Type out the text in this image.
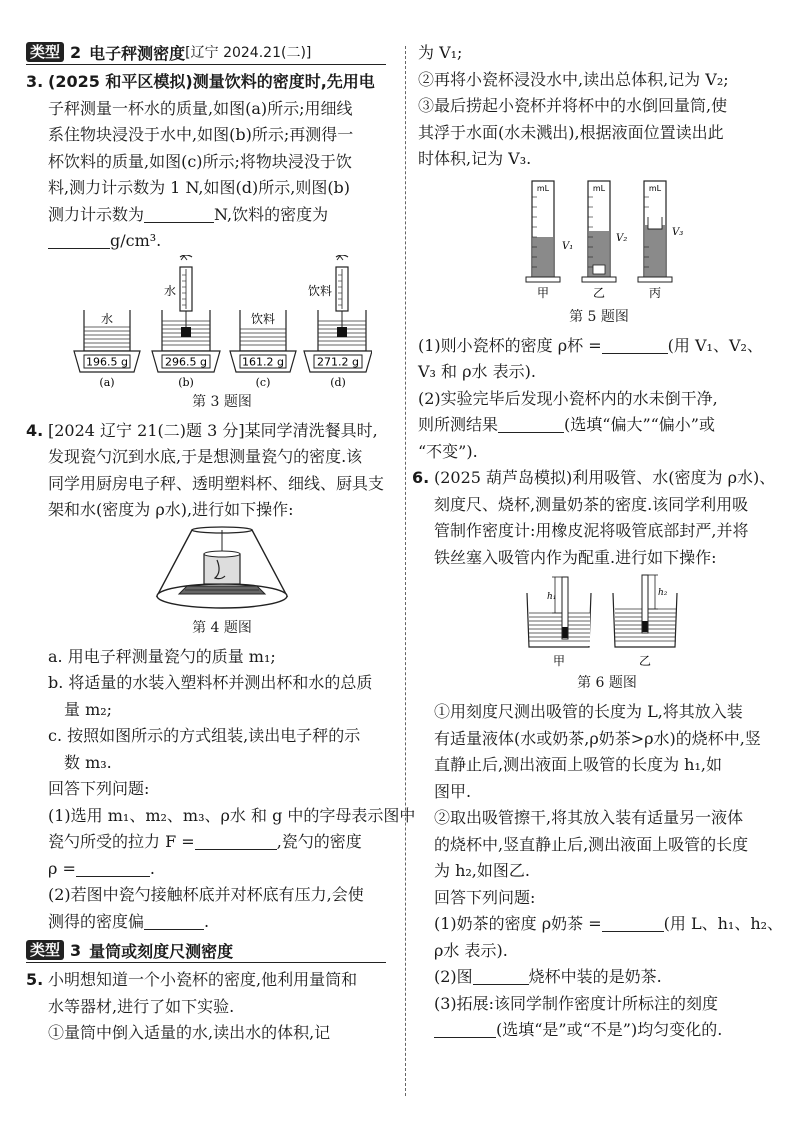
类型 2 电子秤测密度 [辽宁 2024.21(二)]

3. (2025 和平区模拟)测量饮料的密度时,先用电

子秤测量一杯水的质量,如图(a)所示;用细线

系住物块浸没于水中,如图(b)所示;再测得一

杯饮料的质量,如图(c)所示;将物块浸没于饮

料,测力计示数为 1 N,如图(d)所示,则图(b)

测力计示数为	N,饮料的密度为

g/cm³.

196.5 g
水
(a)
水
296.5 g
(b)
161.2 g
饮料
(c)
饮料
271.2 g
(d)

第 3 题图

4. [2024 辽宁 21(二)题 3 分]某同学清洗餐具时,

发现瓷勺沉到水底,于是想测量瓷勺的密度.该

同学用厨房电子秤、透明塑料杯、细线、厨具支

架和水(密度为 ρ水),进行如下操作:

第 4 题图

a. 用电子秤测量瓷勺的质量 m₁;

b. 将适量的水装入塑料杯并测出杯和水的总质

量 m₂;

c. 按照如图所示的方式组装,读出电子秤的示

数 m₃.

回答下列问题:

(1)选用 m₁、m₂、m₃、ρ水 和 g 中的字母表示图中

瓷勺所受的拉力 F =	,瓷勺的密度

ρ =	.

(2)若图中瓷勺接触杯底并对杯底有压力,会使

测得的密度偏	.

类型 3 量筒或刻度尺测密度

5. 小明想知道一个小瓷杯的密度,他利用量筒和

水等器材,进行了如下实验.

①量筒中倒入适量的水,读出水的体积,记

为 V₁;

②再将小瓷杯浸没水中,读出总体积,记为 V₂;

③最后捞起小瓷杯并将杯中的水倒回量筒,使

其浮于水面(水未溅出),根据液面位置读出此

时体积,记为 V₃.

mL
V₁
甲
mL
V₂
乙
mL
V₃
丙

第 5 题图

(1)则小瓷杯的密度 ρ杯 =	(用 V₁、V₂、

V₃ 和 ρ水 表示).

(2)实验完毕后发现小瓷杯内的水未倒干净,

则所测结果	(选填“偏大”“偏小”或

“不变”).

6. (2025 葫芦岛模拟)利用吸管、水(密度为 ρ水)、

刻度尺、烧杯,测量奶茶的密度.该同学利用吸

管制作密度计:用橡皮泥将吸管底部封严,并将

铁丝塞入吸管内作为配重.进行如下操作:

h₁
甲
h₂
乙

第 6 题图

①用刻度尺测出吸管的长度为 L,将其放入装

有适量液体(水或奶茶,ρ奶茶>ρ水)的烧杯中,竖

直静止后,测出液面上吸管的长度为 h₁,如

图甲.

②取出吸管擦干,将其放入装有适量另一液体

的烧杯中,竖直静止后,测出液面上吸管的长度

为 h₂,如图乙.

回答下列问题:

(1)奶茶的密度 ρ奶茶 =	(用 L、h₁、h₂、

ρ水 表示).

(2)图	烧杯中装的是奶茶.

(3)拓展:该同学制作密度计所标注的刻度

(选填“是”或“不是”)均匀变化的.
